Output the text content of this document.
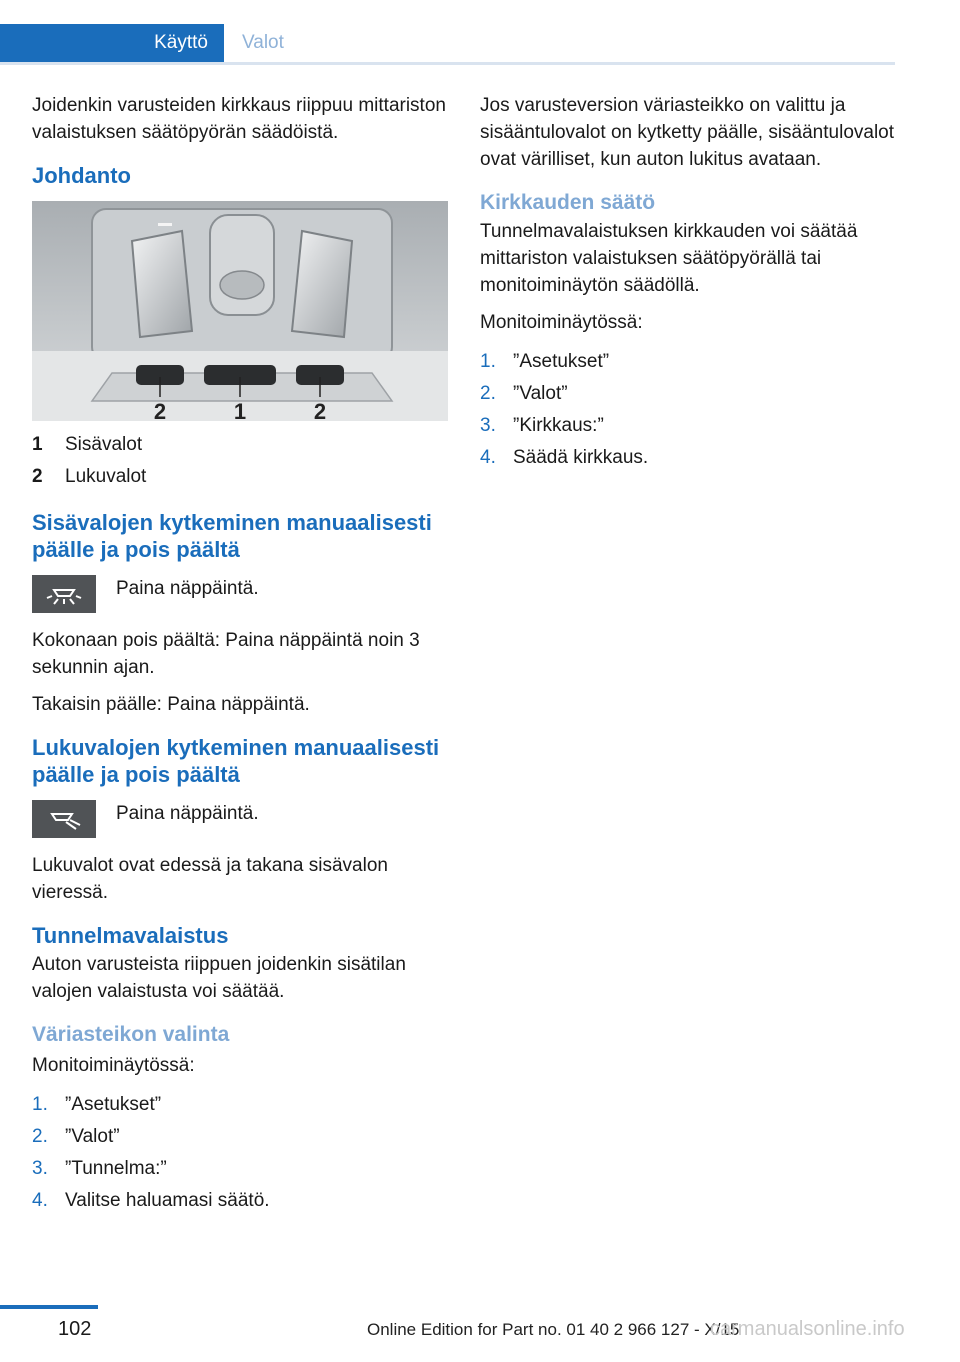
Käyttö	Valot

Joidenkin varusteiden kirkkaus riippuu mittariston valaistuksen säätöpyörän säädöistä.

Johdanto
2	1	2
1	Sisävalot
2	Lukuvalot
Sisävalojen kytkeminen manuaalisesti päälle ja pois päältä

Paina näppäintä.

Kokonaan pois päältä: Paina näppäintä noin 3 sekunnin ajan.

Takaisin päälle: Paina näppäintä.

Lukuvalojen kytkeminen manuaalisesti päälle ja pois päältä

Paina näppäintä.

Lukuvalot ovat edessä ja takana sisävalon vieressä.

Tunnelmavalaistus

Auton varusteista riippuen joidenkin sisätilan valojen valaistusta voi säätää.

Väriasteikon valinta

Monitoiminäytössä:

1. ”Asetukset”
2. ”Valot”
3. ”Tunnelma:”
4. Valitse haluamasi säätö.

Jos varusteversion väriasteikko on valittu ja sisääntulovalot on kytketty päälle, sisääntulovalot ovat värilliset, kun auton lukitus avataan.

Kirkkauden säätö

Tunnelmavalaistuksen kirkkauden voi säätää mittariston valaistuksen säätöpyörällä tai monitoiminäytön säädöllä.

Monitoiminäytössä:

1. ”Asetukset”
2. ”Valot”
3. ”Kirkkaus:”
4. Säädä kirkkaus.
102	Online Edition for Part no. 01 40 2 966 127 - X/15
carmanualsonline.info
